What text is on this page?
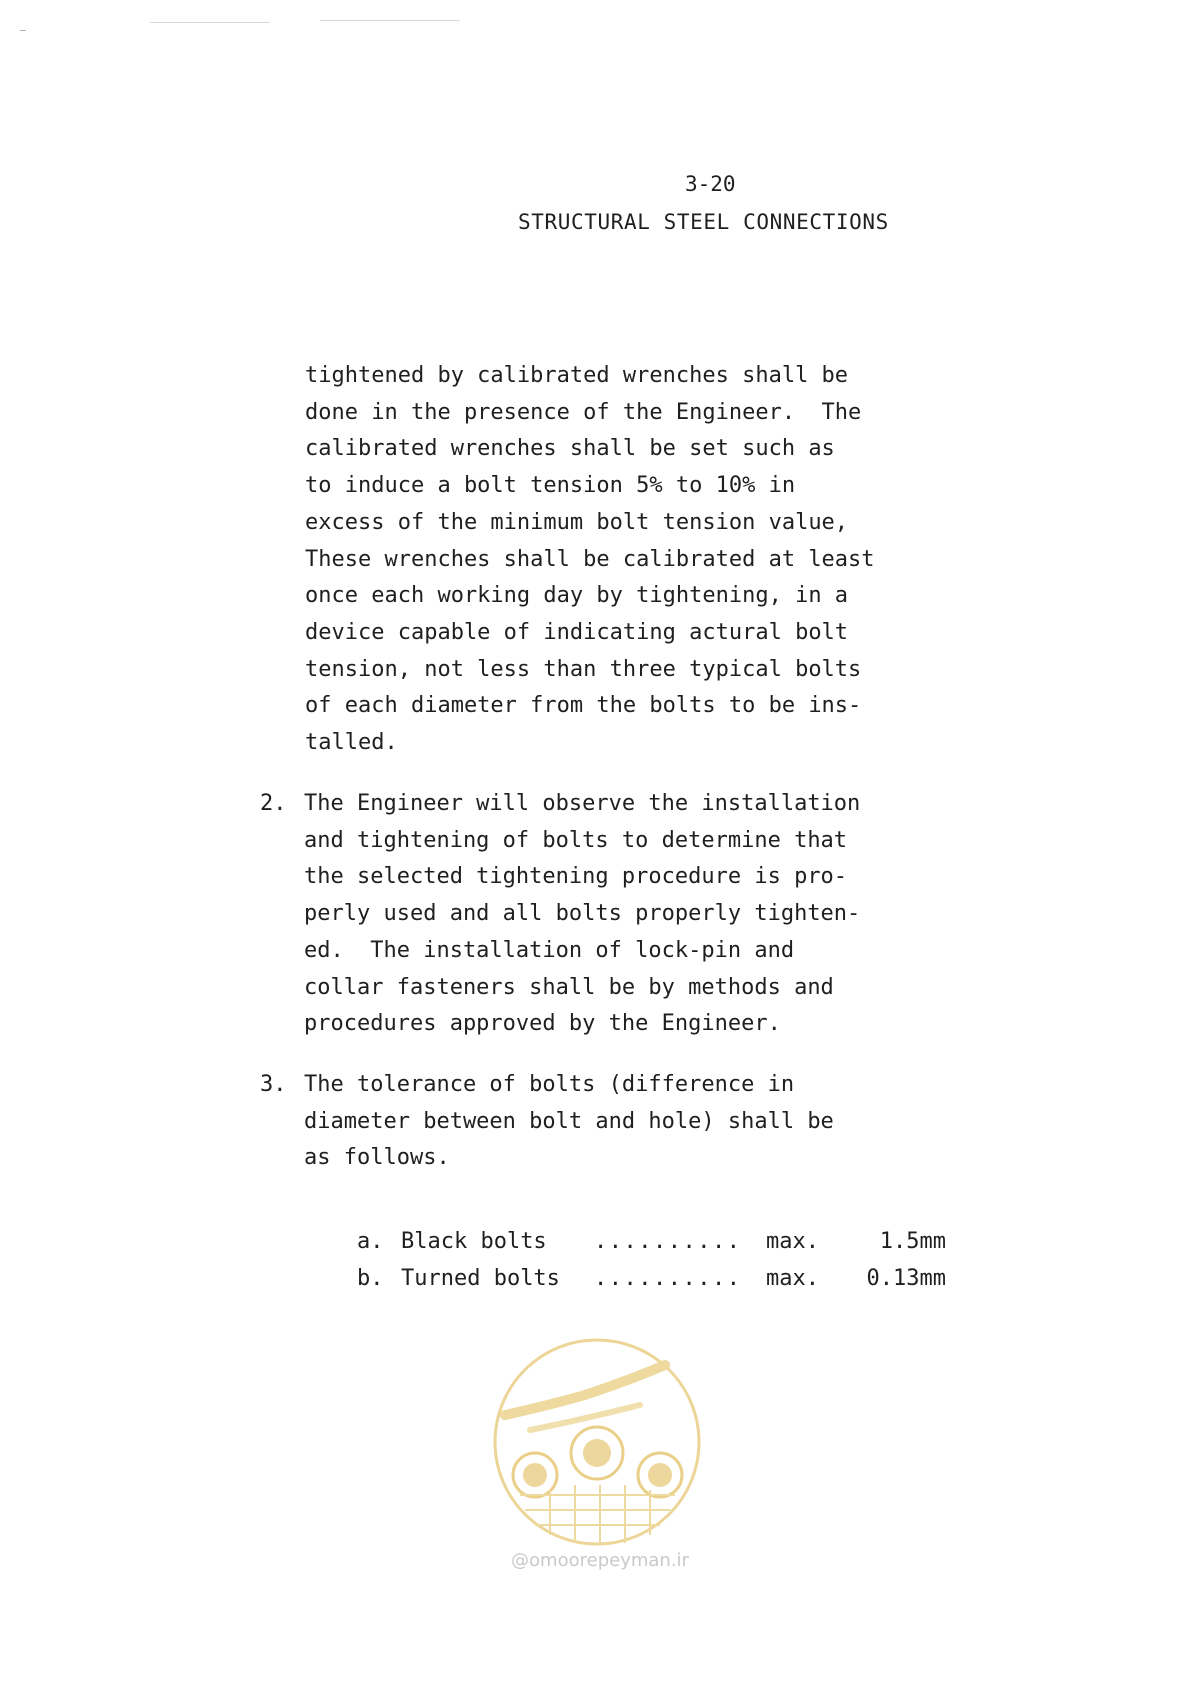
3-20
STRUCTURAL STEEL CONNECTIONS
tightened by calibrated wrenches shall be
done in the presence of the Engineer.  The
calibrated wrenches shall be set such as
to induce a bolt tension 5% to 10% in
excess of the minimum bolt tension value,
These wrenches shall be calibrated at least
once each working day by tightening, in a
device capable of indicating actural bolt
tension, not less than three typical bolts
of each diameter from the bolts to be ins-
talled.
2. The Engineer will observe the installation
and tightening of bolts to determine that
the selected tightening procedure is pro-
perly used and all bolts properly tighten-
ed.  The installation of lock-pin and
collar fasteners shall be by methods and
procedures approved by the Engineer.
3. The tolerance of bolts (difference in
diameter between bolt and hole) shall be
as follows.

a. Black bolts .......... max.	1.5mm

b. Turned bolts .......... max. 0.13mm

@omoorepeyman.ir
